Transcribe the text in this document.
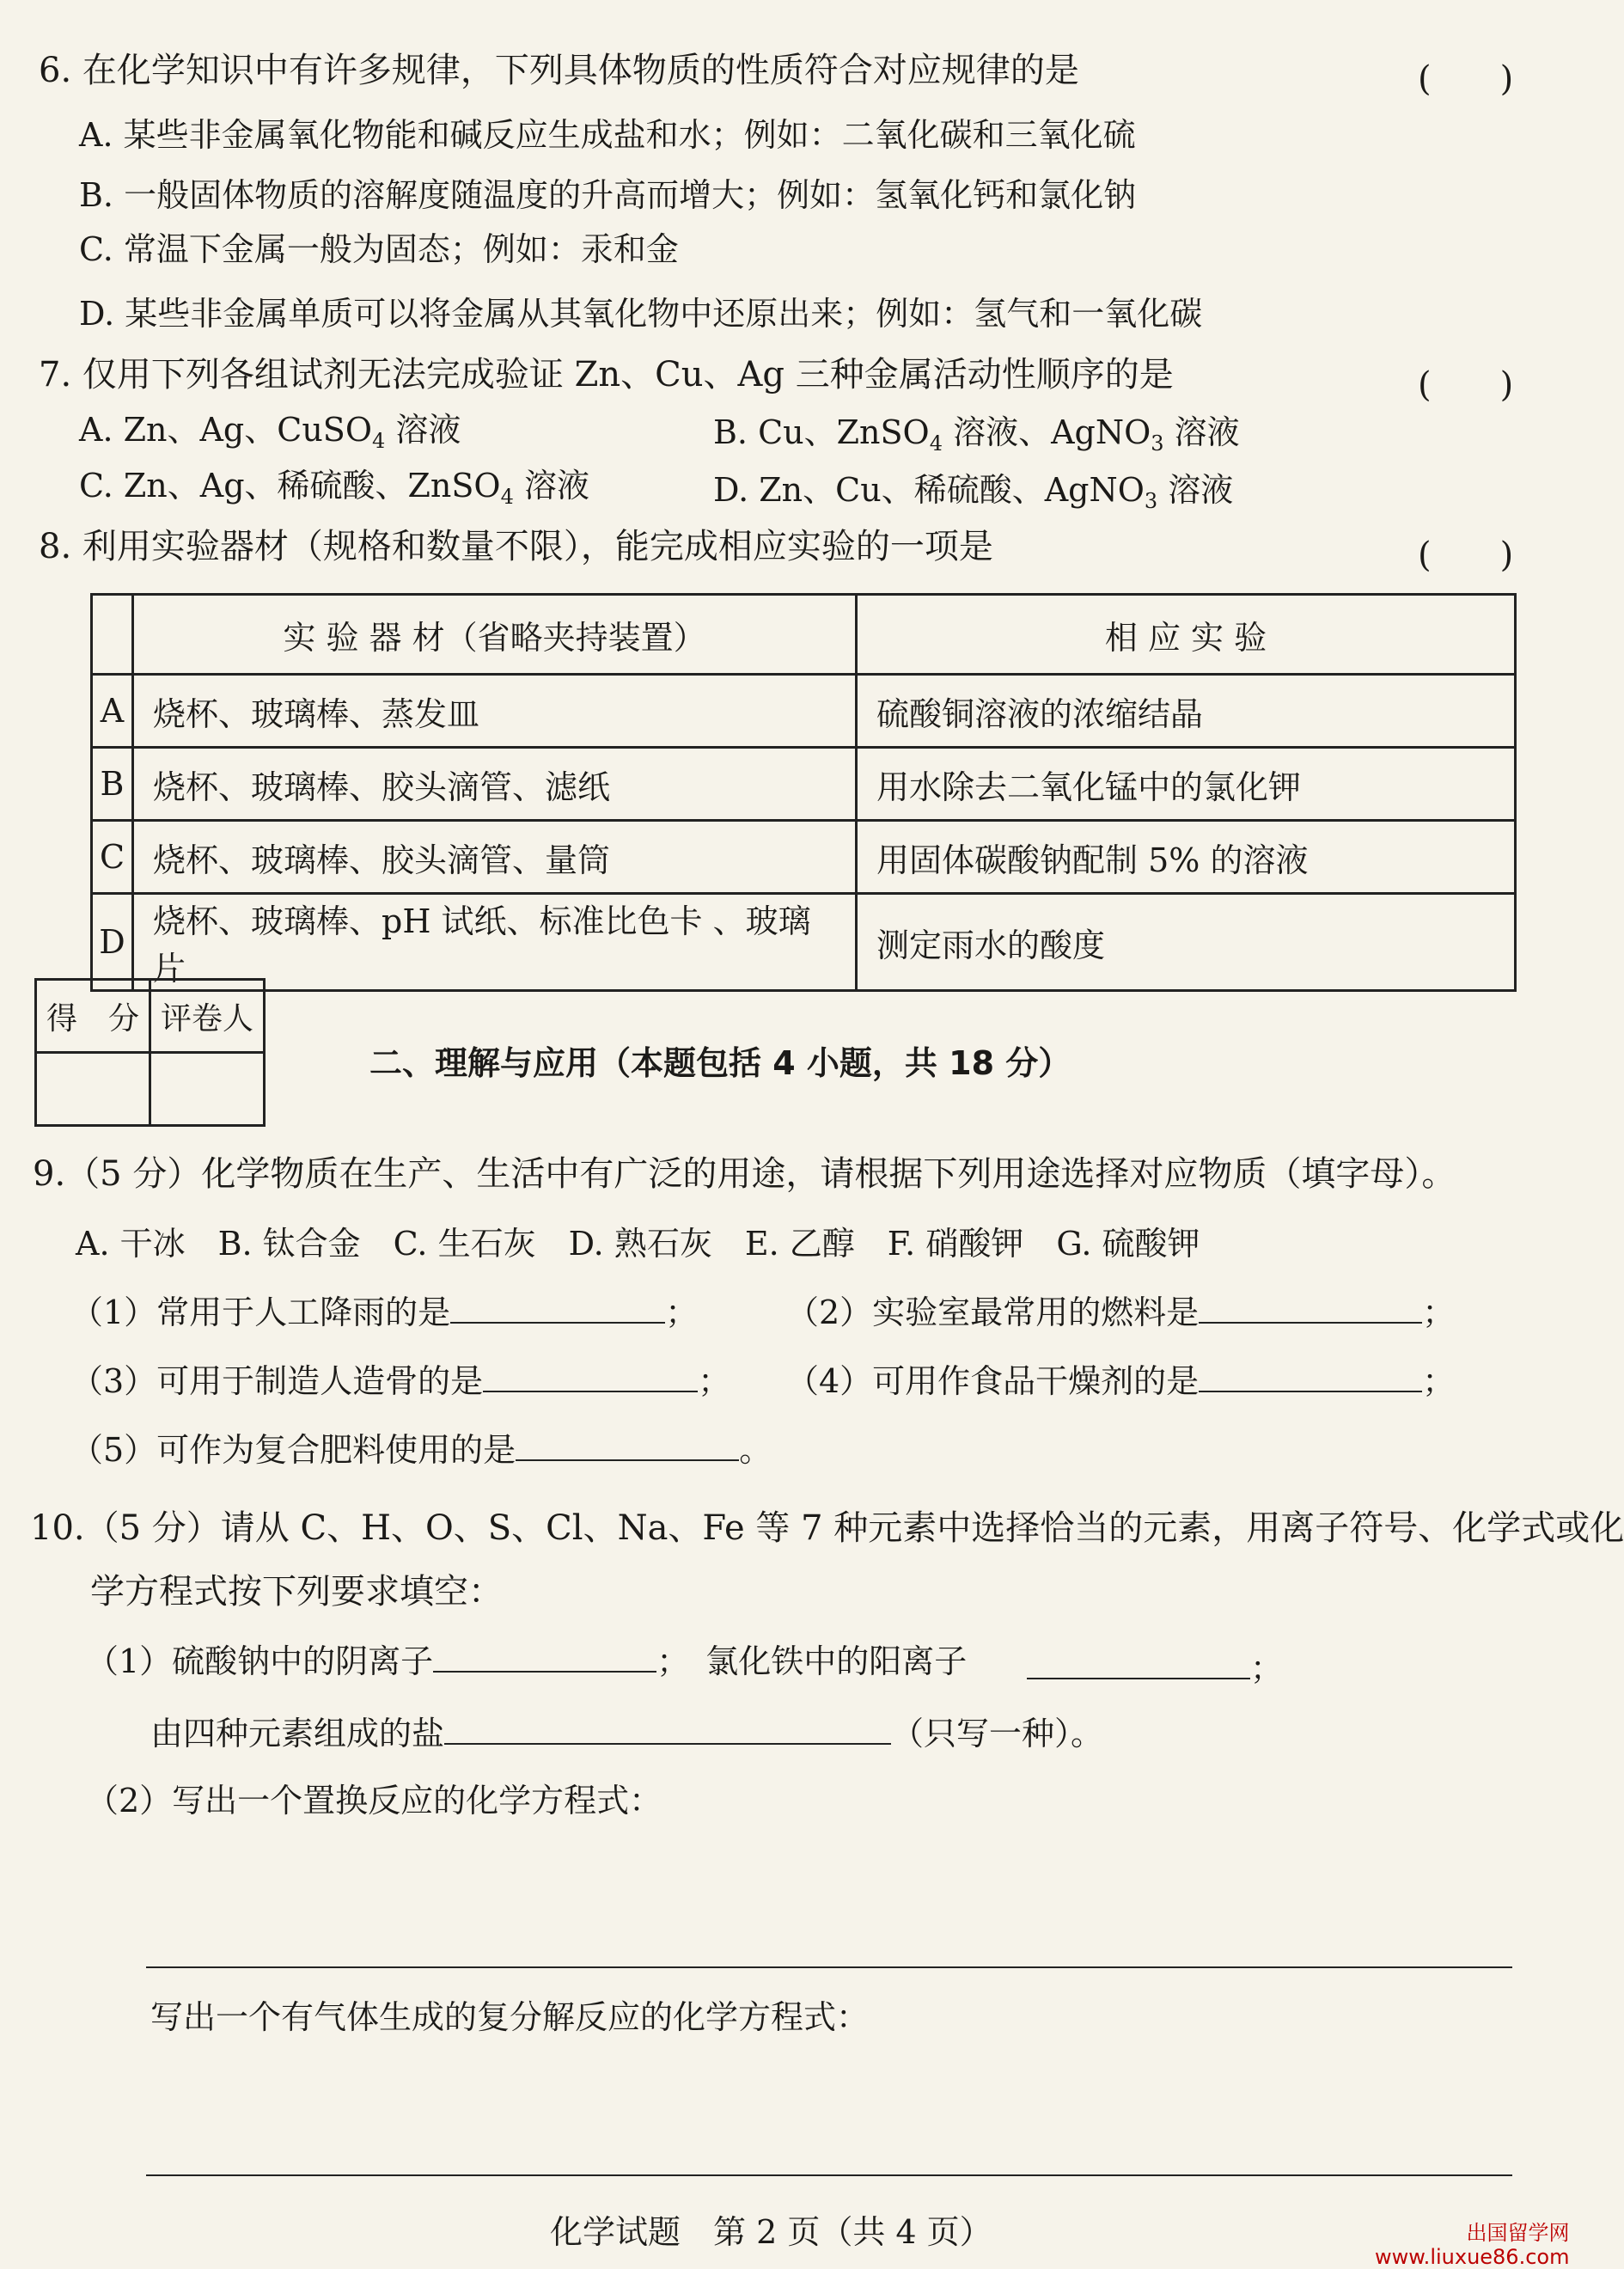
6. 在化学知识中有许多规律，下列具体物质的性质符合对应规律的是	(　　)
A. 某些非金属氧化物能和碱反应生成盐和水；例如：二氧化碳和三氧化硫
B. 一般固体物质的溶解度随温度的升高而增大；例如：氢氧化钙和氯化钠
C. 常温下金属一般为固态；例如：汞和金
D. 某些非金属单质可以将金属从其氧化物中还原出来；例如：氢气和一氧化碳
7. 仅用下列各组试剂无法完成验证 Zn、Cu、Ag 三种金属活动性顺序的是	(　　)
A. Zn、Ag、CuSO$_4$ 溶液	B. Cu、ZnSO$_4$ 溶液、AgNO$_3$ 溶液
C. Zn、Ag、稀硫酸、ZnSO$_4$ 溶液	D. Zn、Cu、稀硫酸、AgNO$_3$ 溶液
8. 利用实验器材（规格和数量不限），能完成相应实验的一项是	(　　)
	实 验 器 材（省略夹持装置）	相 应 实 验
A	烧杯、玻璃棒、蒸发皿	硫酸铜溶液的浓缩结晶
B	烧杯、玻璃棒、胶头滴管、滤纸	用水除去二氧化锰中的氯化钾
C	烧杯、玻璃棒、胶头滴管、量筒	用固体碳酸钠配制 5% 的溶液
D	烧杯、玻璃棒、pH 试纸、标准比色卡 、玻璃片	测定雨水的酸度
得　分	评卷人

二、理解与应用（本题包括 4 小题，共 18 分）
9.（5 分）化学物质在生产、生活中有广泛的用途，请根据下列用途选择对应物质（填字母）。
A. 干冰　B. 钛合金　C. 生石灰　D. 熟石灰　E. 乙醇　F. 硝酸钾　G. 硫酸钾
（1）常用于人工降雨的是	；	（2）实验室最常用的燃料是	；
（3）可用于制造人造骨的是	； （4）可用作食品干燥剂的是	；
（5）可作为复合肥料使用的是	。
10.（5 分）请从 C、H、O、S、Cl、Na、Fe 等 7 种元素中选择恰当的元素，用离子符号、化学式或化
学方程式按下列要求填空：
（1）硫酸钠中的阴离子	；　氯化铁中的阳离子	；
由四种元素组成的盐	（只写一种）。
（2）写出一个置换反应的化学方程式：
写出一个有气体生成的复分解反应的化学方程式：
化学试题　第 2 页（共 4 页）	出国留学网
www.liuxue86.com
